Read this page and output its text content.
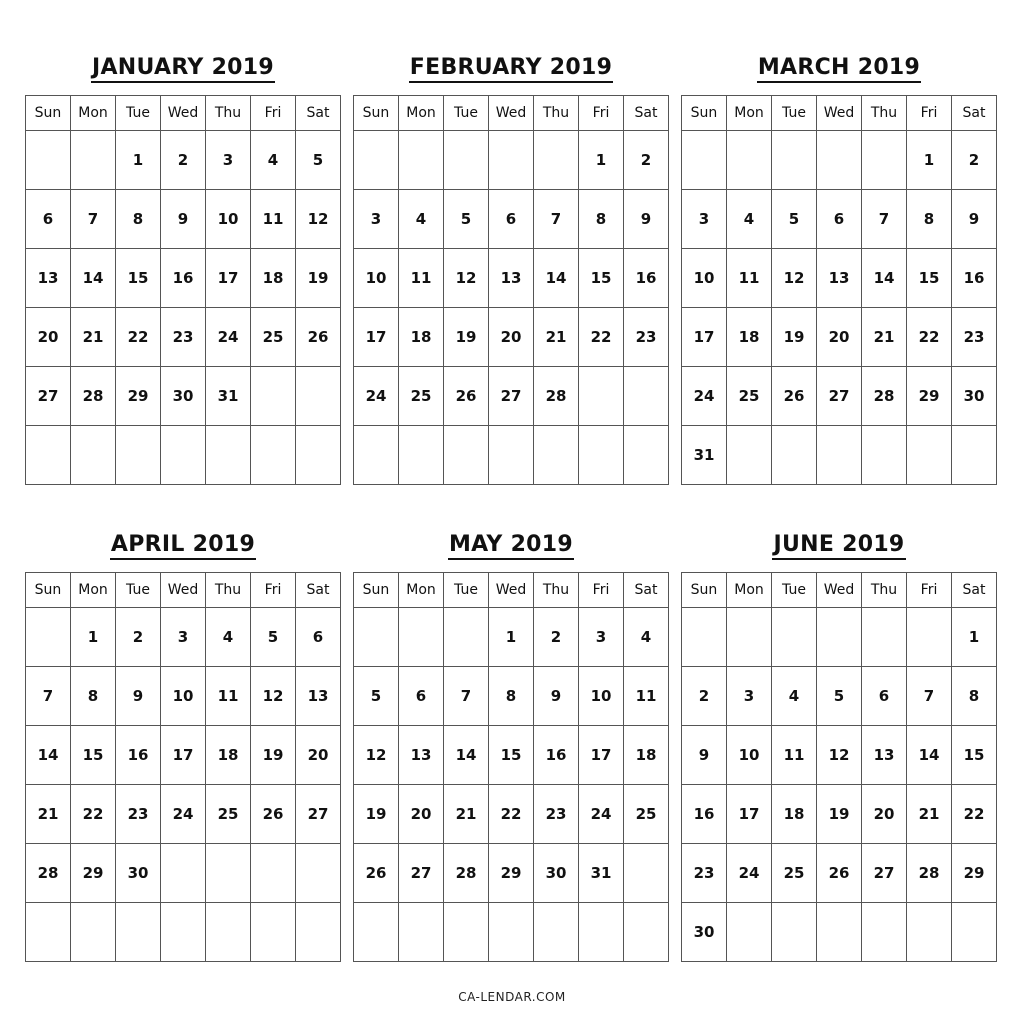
JANUARY 2019
Sun	Mon	Tue	Wed	Thu	Fri	Sat
		1	2	3	4	5
6	7	8	9	10	11	12
13	14	15	16	17	18	19
20	21	22	23	24	25	26
27	28	29	30	31		

FEBRUARY 2019
Sun	Mon	Tue	Wed	Thu	Fri	Sat
					1	2
3	4	5	6	7	8	9
10	11	12	13	14	15	16
17	18	19	20	21	22	23
24	25	26	27	28		

MARCH 2019
Sun	Mon	Tue	Wed	Thu	Fri	Sat
					1	2
3	4	5	6	7	8	9
10	11	12	13	14	15	16
17	18	19	20	21	22	23
24	25	26	27	28	29	30
31						
APRIL 2019
Sun	Mon	Tue	Wed	Thu	Fri	Sat
	1	2	3	4	5	6
7	8	9	10	11	12	13
14	15	16	17	18	19	20
21	22	23	24	25	26	27
28	29	30				

MAY 2019
Sun	Mon	Tue	Wed	Thu	Fri	Sat
			1	2	3	4
5	6	7	8	9	10	11
12	13	14	15	16	17	18
19	20	21	22	23	24	25
26	27	28	29	30	31	

JUNE 2019
Sun	Mon	Tue	Wed	Thu	Fri	Sat
						1
2	3	4	5	6	7	8
9	10	11	12	13	14	15
16	17	18	19	20	21	22
23	24	25	26	27	28	29
30						
CA-LENDAR.COM
